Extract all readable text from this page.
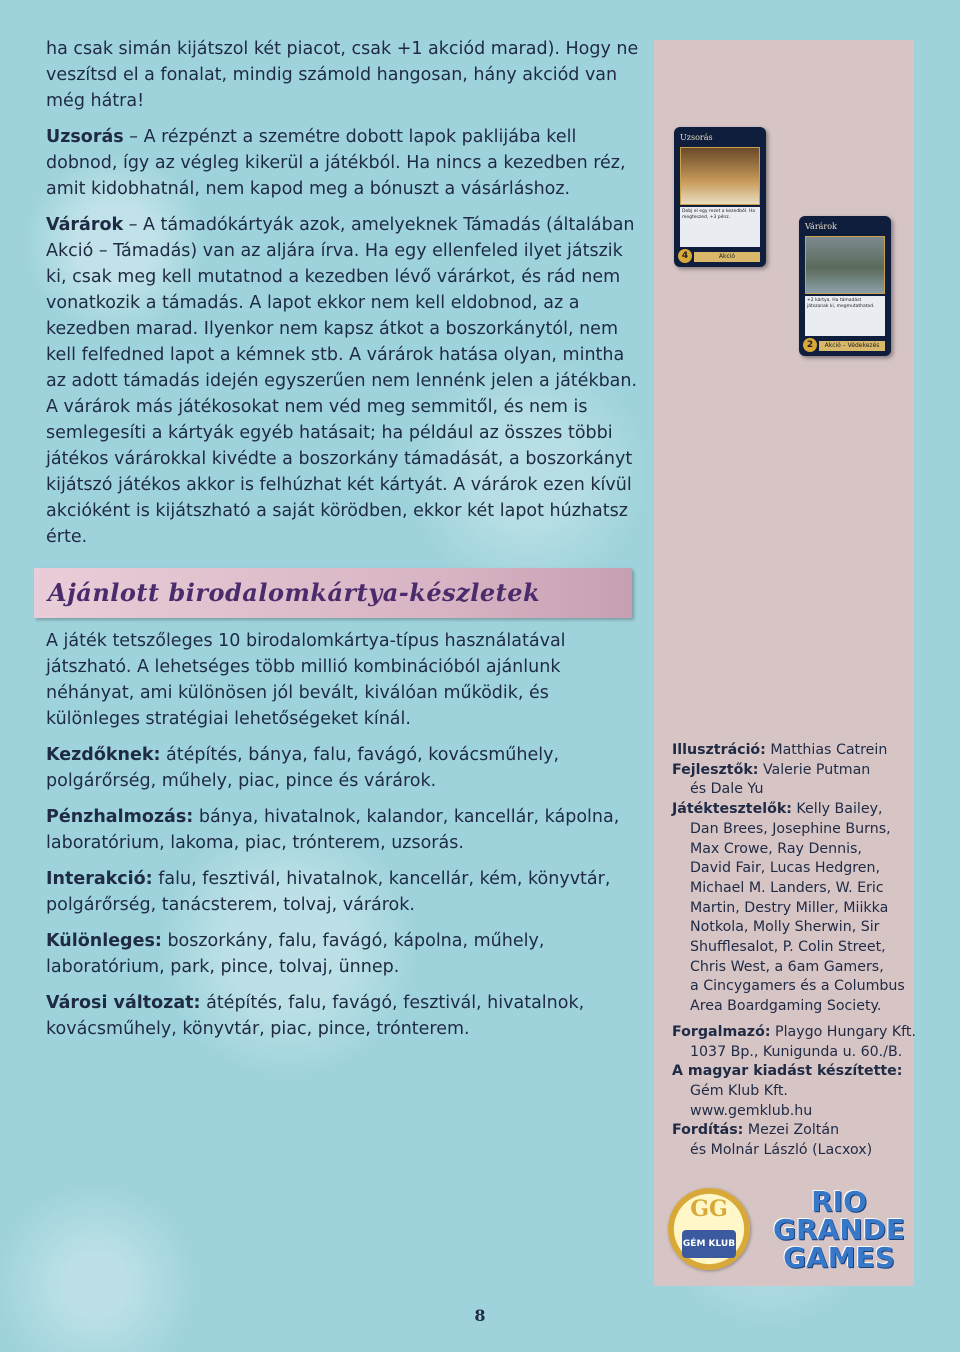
ha csak simán kijátszol két piacot, csak +1 akciód marad). Hogy ne veszítsd el a fonalat, mindig számold hangosan, hány akciód van még hátra!

Uzsorás – A rézpénzt a szemétre dobott lapok paklijába kell dobnod, így az végleg kikerül a játékból. Ha nincs a kezedben réz, amit kidobhatnál, nem kapod meg a bónuszt a vásárláshoz.

Várárok – A támadókártyák azok, amelyeknek Támadás (általában Akció – Támadás) van az aljára írva. Ha egy ellenfeled ilyet játszik ki, csak meg kell mutatnod a kezedben lévő várárkot, és rád nem vonatkozik a támadás. A lapot ekkor nem kell eldobnod, az a kezedben marad. Ilyenkor nem kapsz átkot a boszorkánytól, nem kell felfedned lapot a kémnek stb. A várárok hatása olyan, mintha az adott támadás idején egyszerűen nem lennénk jelen a játékban. A várárok más játékosokat nem véd meg semmitől, és nem is semlegesíti a kártyák egyéb hatásait; ha például az összes többi játékos várárokkal kivédte a boszorkány támadását, a boszorkányt kijátszó játékos akkor is felhúzhat két kártyát. A várárok ezen kívül akcióként is kijátszható a saját körödben, ekkor két lapot húzhatsz érte.

Ajánlott birodalomkártya-készletek

A játék tetszőleges 10 birodalomkártya-típus használatával játszható. A lehetséges több millió kombinációból ajánlunk néhányat, ami különösen jól bevált, kiválóan működik, és különleges stratégiai lehetőségeket kínál.

Kezdőknek: átépítés, bánya, falu, favágó, kovácsműhely, polgárőrség, műhely, piac, pince és várárok.

Pénzhalmozás: bánya, hivatalnok, kalandor, kancellár, kápolna, laboratórium, lakoma, piac, trónterem, uzsorás.

Interakció: falu, fesztivál, hivatalnok, kancellár, kém, könyvtár, polgárőrség, tanácsterem, tolvaj, várárok.

Különleges: boszorkány, falu, favágó, kápolna, műhely, laboratórium, park, pince, tolvaj, ünnep.

Városi változat: átépítés, falu, favágó, fesztivál, hivatalnok, kovácsműhely, könyvtár, piac, pince, trónterem.

Uzsorás
Dobj el egy rezet a kezedből. Ha megteszed, +3 pénz.
4	Akció
Várárok
+2 kártya. Ha támadást játszanak ki, megmutathatod.
2	Akció – Védekezés
Illusztráció: Matthias Catrein
Fejlesztők: Valerie Putman
és Dale Yu
Játéktesztelők: Kelly Bailey,
Dan Brees, Josephine Burns,
Max Crowe, Ray Dennis,
David Fair, Lucas Hedgren,
Michael M. Landers, W. Eric
Martin, Destry Miller, Miikka
Notkola, Molly Sherwin, Sir
Shufflesalot, P. Colin Street,
Chris West, a 6am Gamers,
a Cincygamers és a Columbus
Area Boardgaming Society.
Forgalmazó: Playgo Hungary Kft.
1037 Bp., Kunigunda u. 60./B.
A magyar kiadást készítette:
Gém Klub Kft.
www.gemklub.hu
Fordítás: Mezei Zoltán
és Molnár László (Lacxox)
GG
GÉM KLUB
RIO
GRANDE
GAMES
8
